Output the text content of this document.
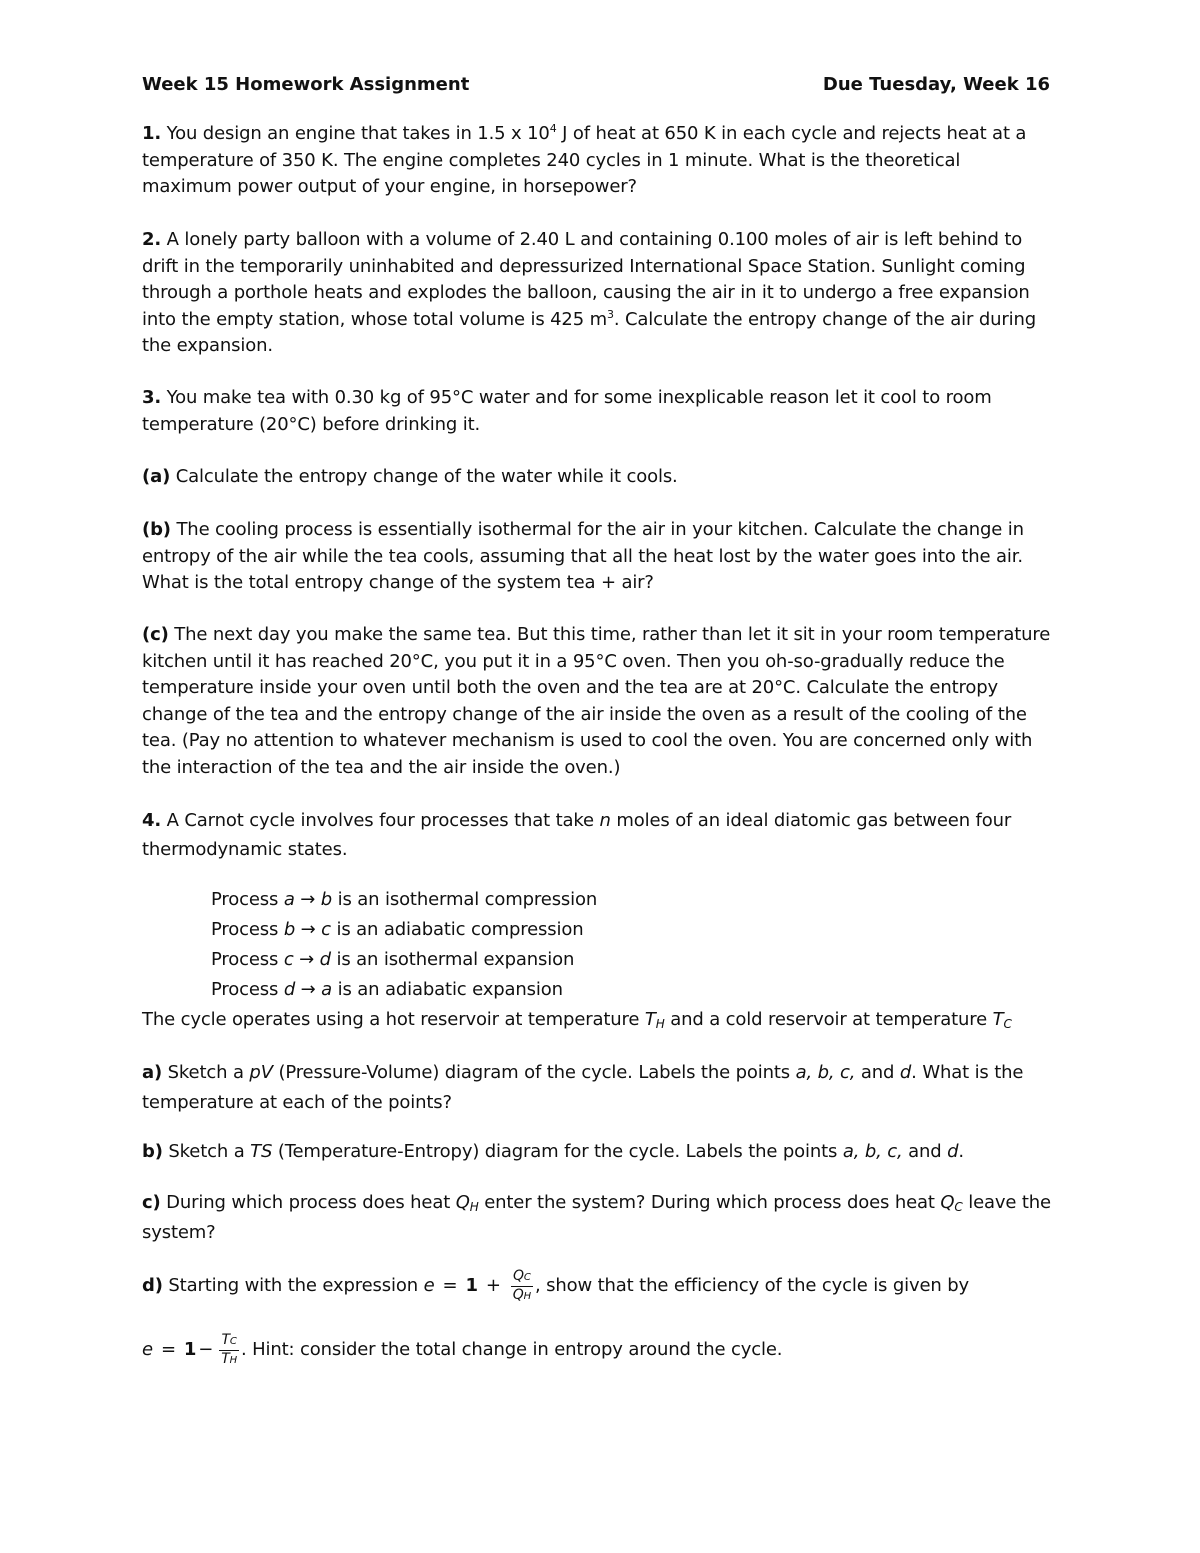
Week 15 Homework Assignment	Due Tuesday, Week 16

1. You design an engine that takes in 1.5 x $10^4$ J of heat at 650 K in each cycle and rejects heat at a temperature of 350 K. The engine completes 240 cycles in 1 minute. What is the theoretical maximum power output of your engine, in horsepower?

2. A lonely party balloon with a volume of 2.40 L and containing 0.100 moles of air is left behind to drift in the temporarily uninhabited and depressurized International Space Station. Sunlight coming through a porthole heats and explodes the balloon, causing the air in it to undergo a free expansion into the empty station, whose total volume is 425 $m^3$. Calculate the entropy change of the air during the expansion.

3. You make tea with 0.30 kg of 95°C water and for some inexplicable reason let it cool to room temperature (20°C) before drinking it.

(a) Calculate the entropy change of the water while it cools.

(b) The cooling process is essentially isothermal for the air in your kitchen. Calculate the change in entropy of the air while the tea cools, assuming that all the heat lost by the water goes into the air. What is the total entropy change of the system tea + air?

(c) The next day you make the same tea. But this time, rather than let it sit in your room temperature kitchen until it has reached 20°C, you put it in a 95°C oven. Then you oh-so-gradually reduce the temperature inside your oven until both the oven and the tea are at 20°C. Calculate the entropy change of the tea and the entropy change of the air inside the oven as a result of the cooling of the tea. (Pay no attention to whatever mechanism is used to cool the oven. You are concerned only with the interaction of the tea and the air inside the oven.)

4. A Carnot cycle involves four processes that take n moles of an ideal diatomic gas between four thermodynamic states.

Process a → b is an isothermal compression
Process b → c is an adiabatic compression
Process c → d is an isothermal expansion
Process d → a is an adiabatic expansion

The cycle operates using a hot reservoir at temperature $T_H$ and a cold reservoir at temperature $T_C$

a) Sketch a pV (Pressure-Volume) diagram of the cycle. Labels the points a, b, c, and d. What is the temperature at each of the points?

b) Sketch a TS (Temperature-Entropy) diagram for the cycle. Labels the points a, b, c, and d.

c) During which process does heat $Q_H$ enter the system? During which process does heat $Q_C$ leave the system?

d) Starting with the expression $e = 1 + \frac{QC}{QH}$ , show that the efficiency of the cycle is given by

$e = 1 - \frac{TC}{TH}$ . Hint: consider the total change in entropy around the cycle.
